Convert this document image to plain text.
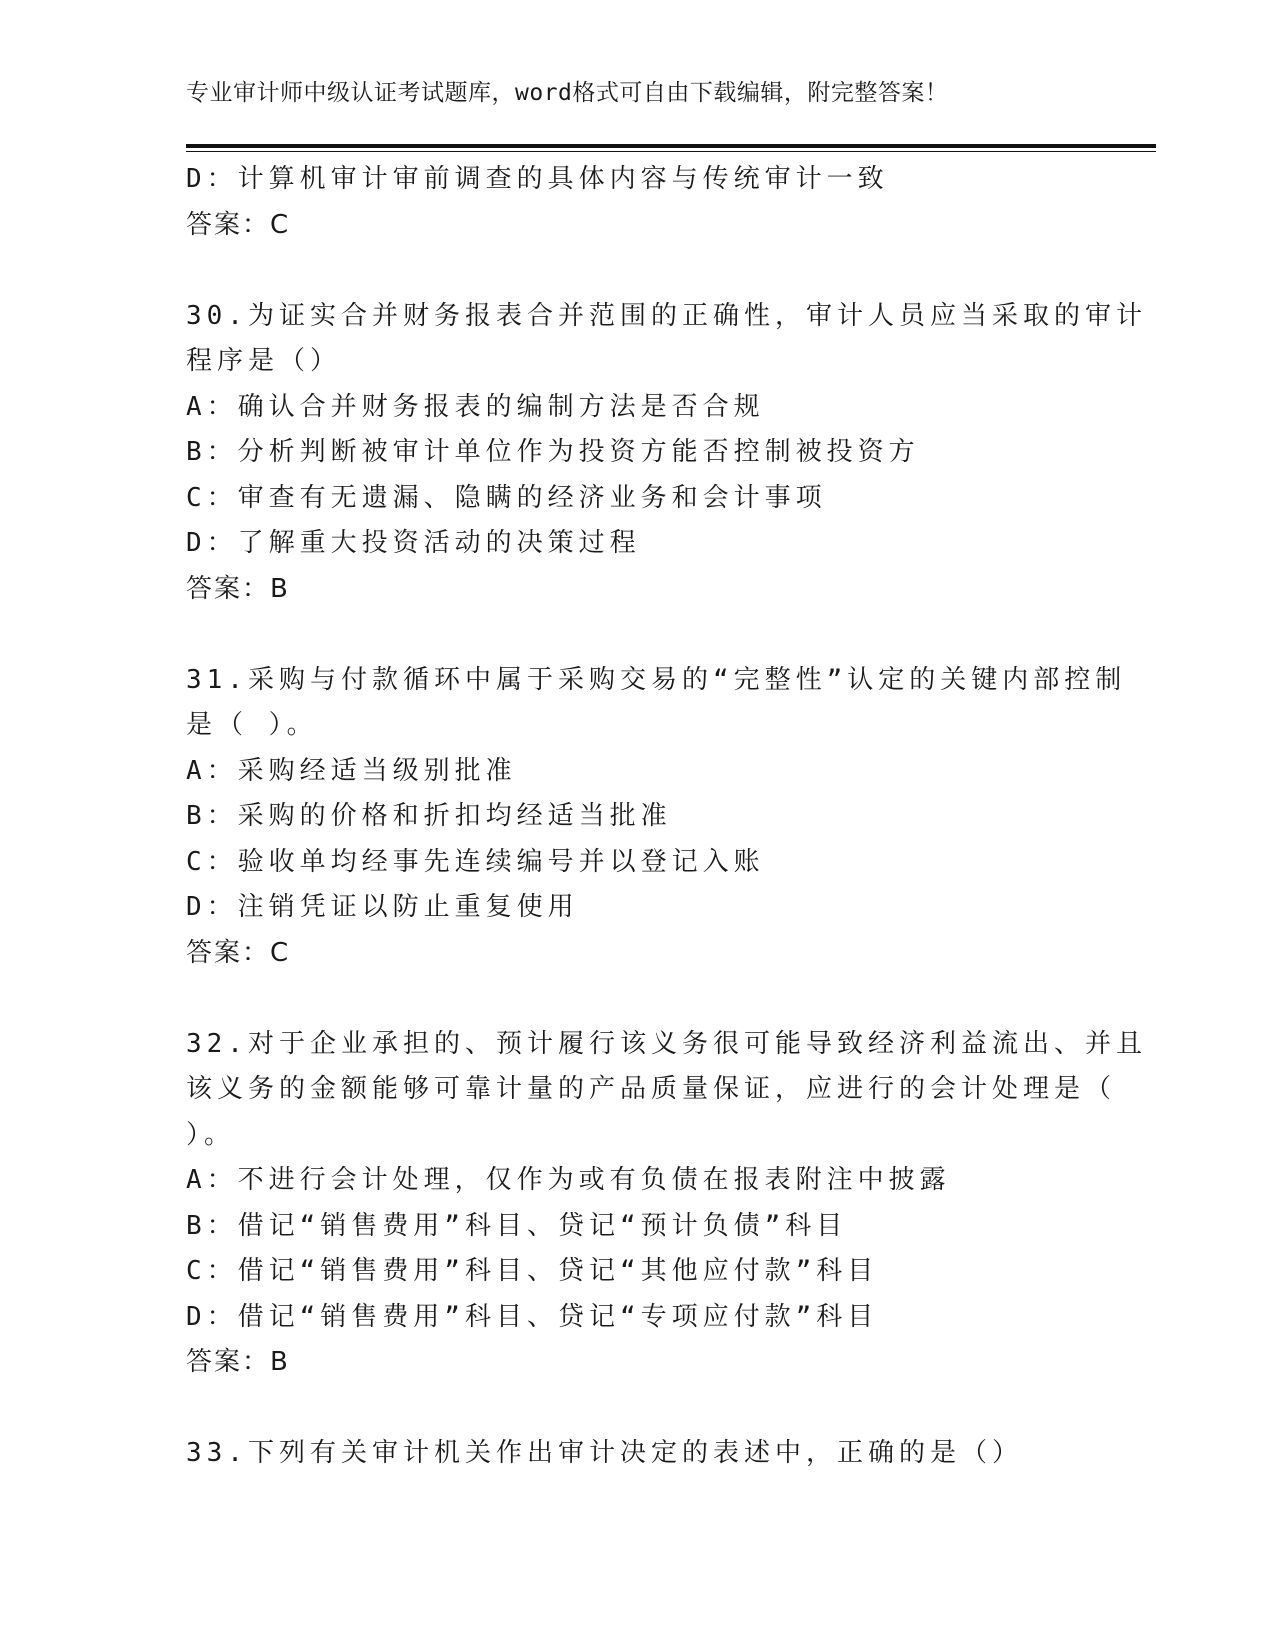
专业审计师中级认证考试题库，word格式可自由下载编辑，附完整答案！
D：计算机审计审前调查的具体内容与传统审计一致
答案：C
30.为证实合并财务报表合并范围的正确性，审计人员应当采取的审计
程序是（）
A：确认合并财务报表的编制方法是否合规
B：分析判断被审计单位作为投资方能否控制被投资方
C：审查有无遗漏、隐瞒的经济业务和会计事项
D：了解重大投资活动的决策过程
答案：B
31.采购与付款循环中属于采购交易的“完整性”认定的关键内部控制
是（ ）。
A：采购经适当级别批准
B：采购的价格和折扣均经适当批准
C：验收单均经事先连续编号并以登记入账
D：注销凭证以防止重复使用
答案：C
32.对于企业承担的、预计履行该义务很可能导致经济利益流出、并且
该义务的金额能够可靠计量的产品质量保证，应进行的会计处理是（
）。
A：不进行会计处理，仅作为或有负债在报表附注中披露
B：借记“销售费用”科目、贷记“预计负债”科目
C：借记“销售费用”科目、贷记“其他应付款”科目
D：借记“销售费用”科目、贷记“专项应付款”科目
答案：B
33.下列有关审计机关作出审计决定的表述中，正确的是（）
